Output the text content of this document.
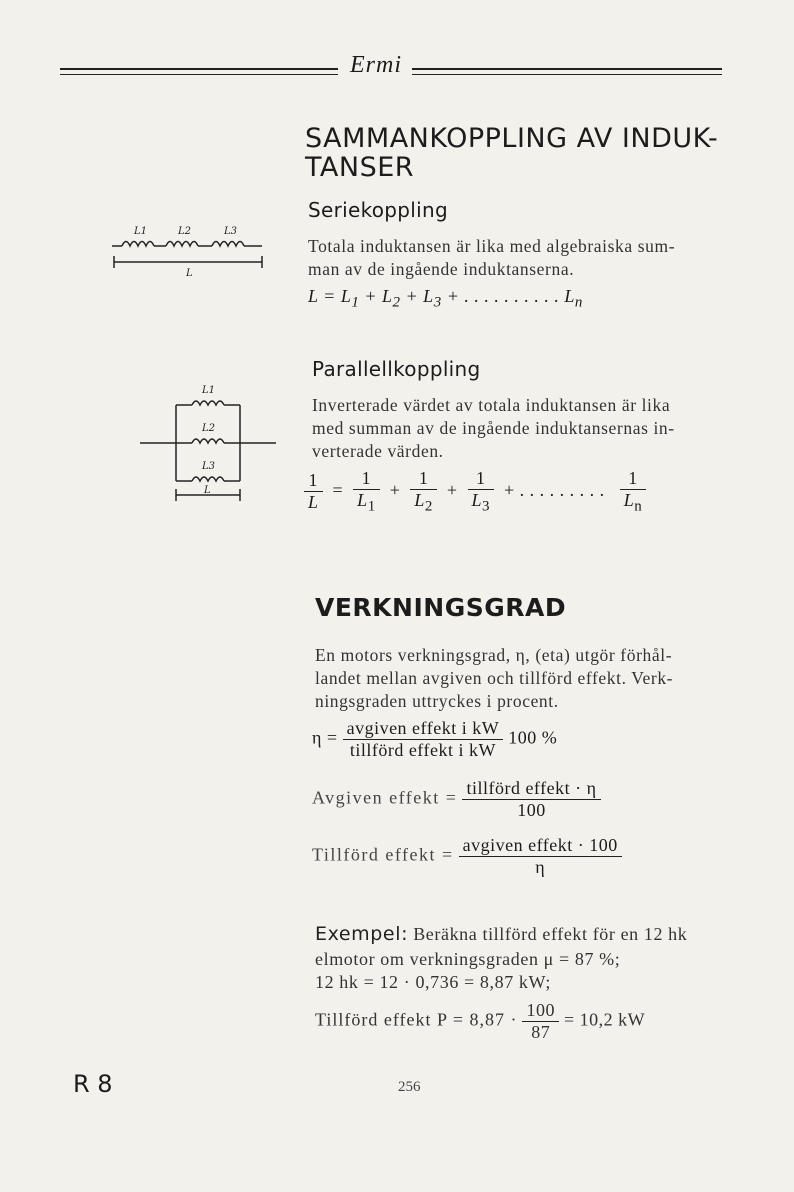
Ermi
SAMMANKOPPLING AV INDUK-
TANSER
Seriekoppling
Totala induktansen är lika med algebraiska sum-
man av de ingående induktanserna.
$L = L_1 + L_2 + L_3$ + . . . . . . . . . . $L_n$
L1	L2	L3
L
Parallellkoppling
Inverterade värdet av totala induktansen är lika
med summan av de ingående induktansernas in-
verterade värden.
$\frac{1}{L} = \frac{1}{L_1} + \frac{1}{L_2} + \frac{1}{L_3}$ + . . . . . . . . . $\frac{1}{L_n}$
L1
L2
L3
L
VERKNINGSGRAD
En motors verkningsgrad, η, (eta) utgör förhål-
landet mellan avgiven och tillförd effekt. Verk-
ningsgraden uttryckes i procent.
$\eta = \frac{\text{avgiven effekt i kW}}{\text{tillförd effekt i kW}} 100$ %
Avgiven effekt = $\frac{\text{tillförd effekt · η}}{100}$
Tillförd effekt = $\frac{\text{avgiven effekt · 100}}{\eta}$
Exempel: Beräkna tillförd effekt för en 12 hk
elmotor om verkningsgraden μ = 87 %;
12 hk = 12 · 0,736 = 8,87 kW;
Tillförd effekt $P = 8,87 \cdot \frac{100}{87} = 10,2$ kW
R 8	256
